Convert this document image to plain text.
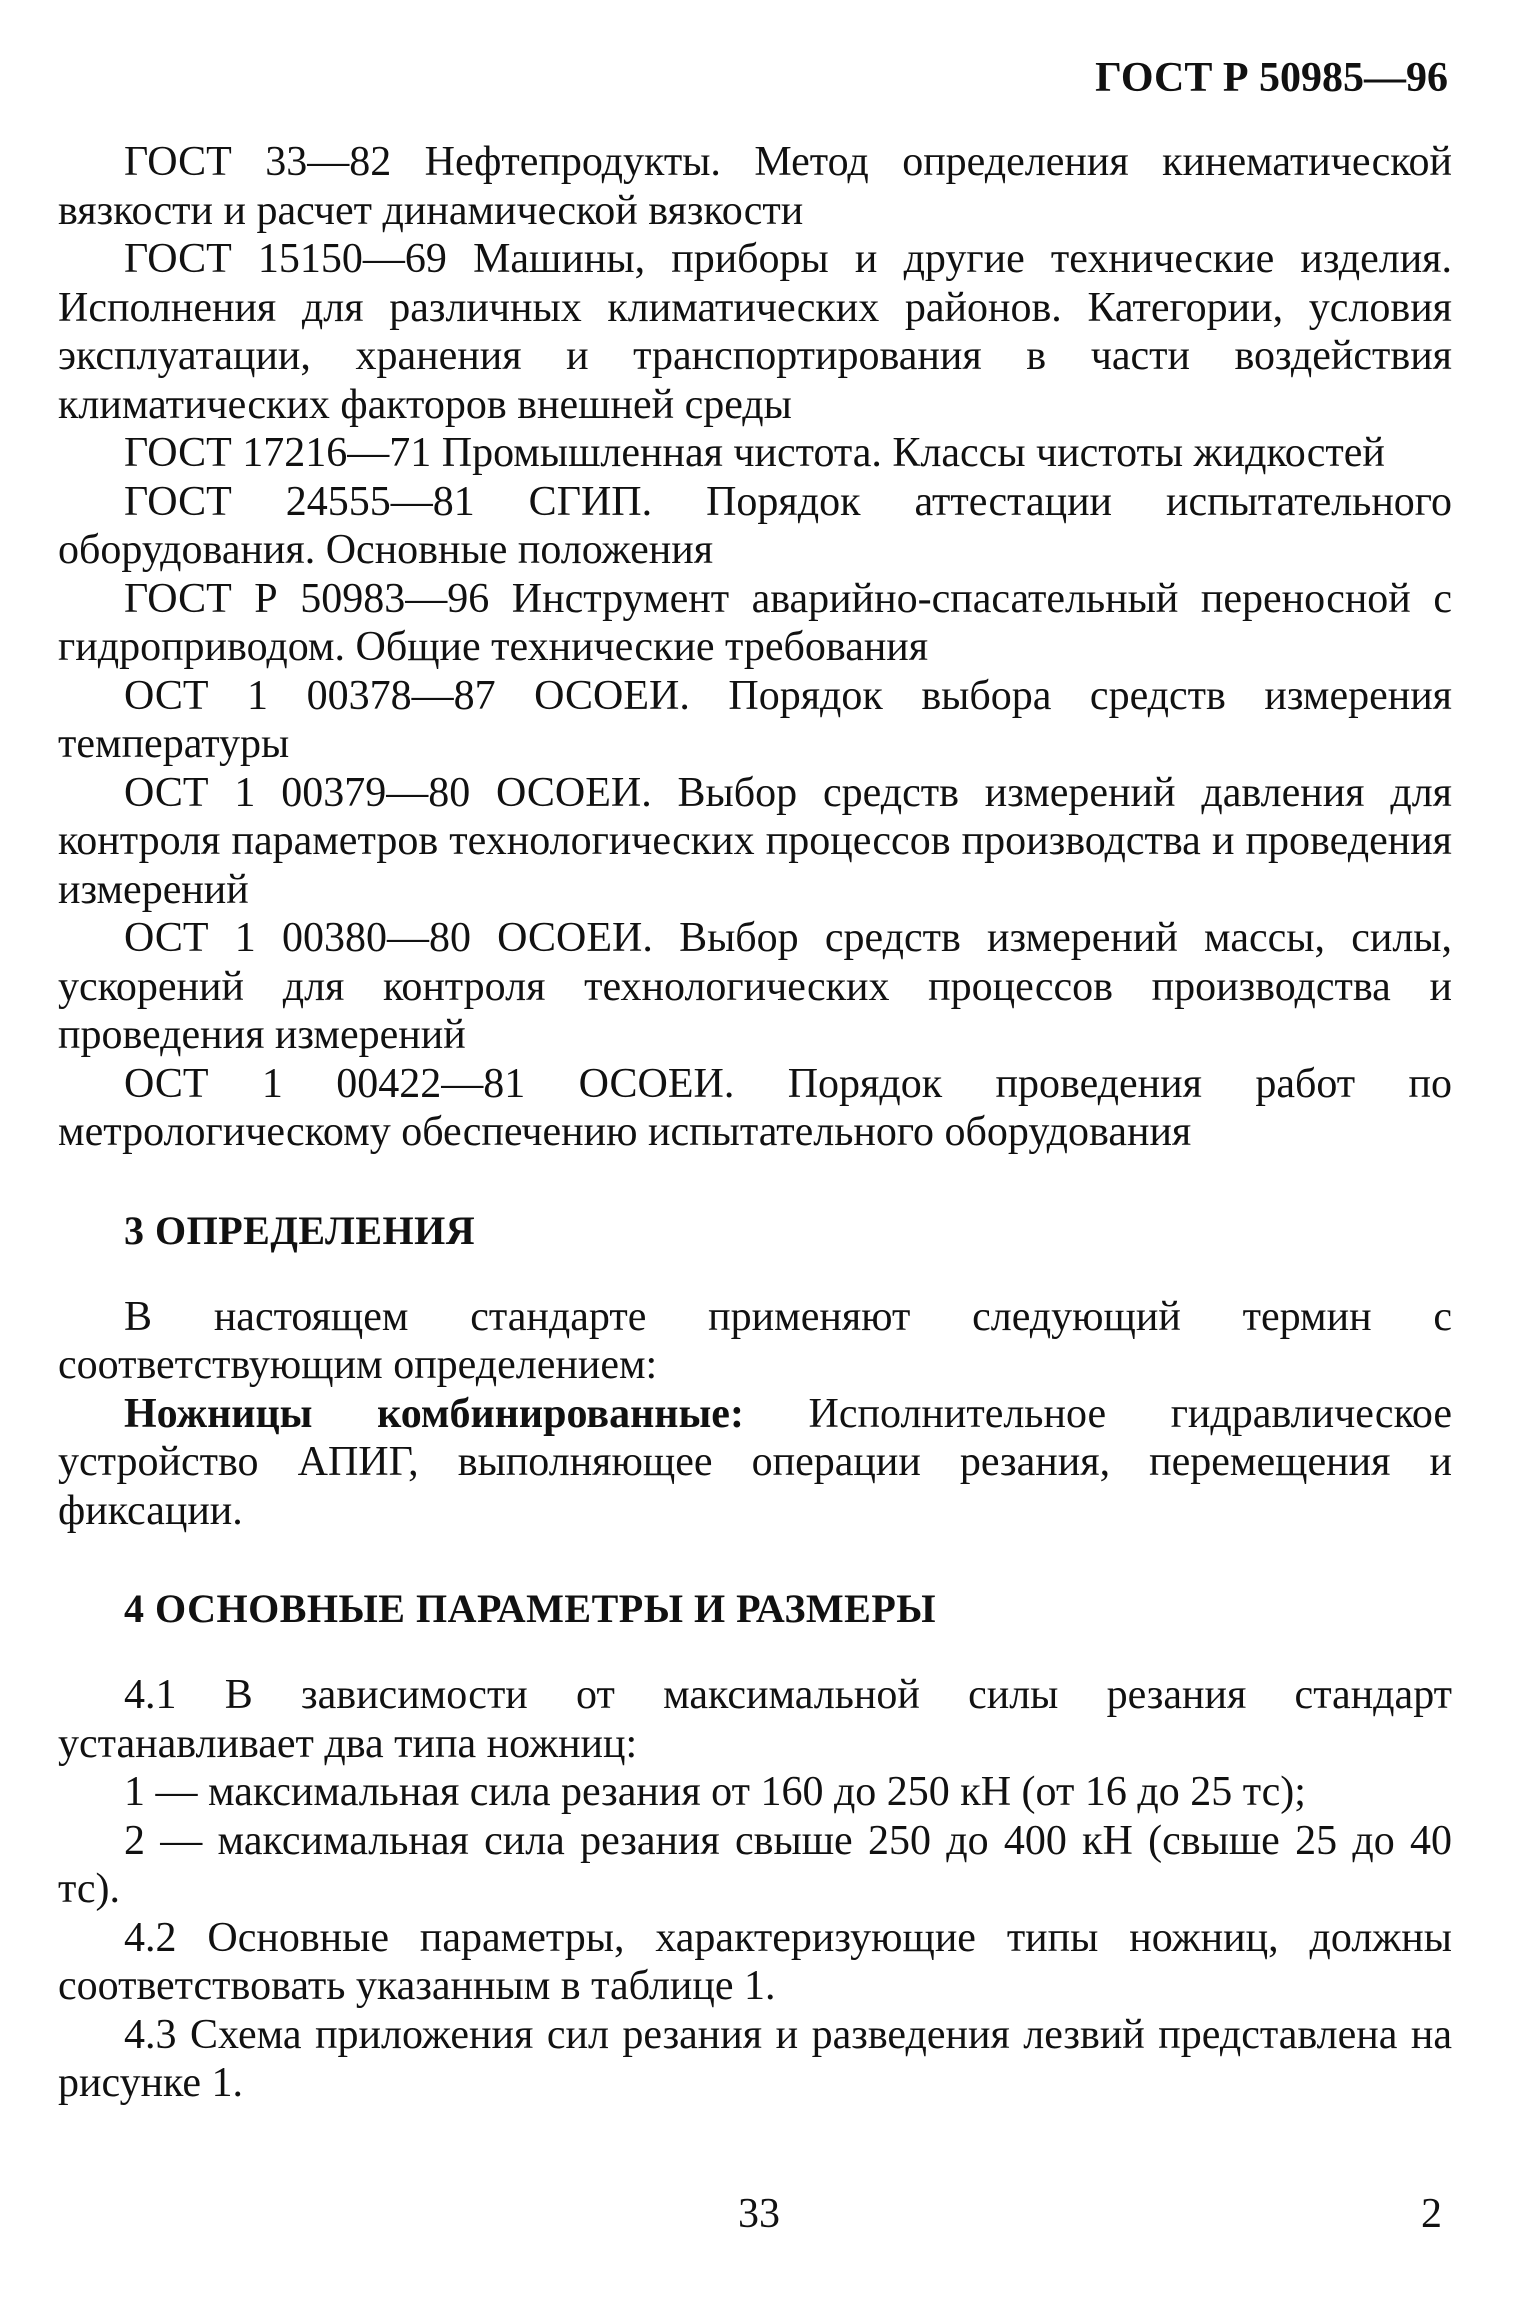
ГОСТ Р 50985—96

ГОСТ 33—82 Нефтепродукты. Метод определения кинематической вязкости и расчет динамической вязкости

ГОСТ 15150—69 Машины, приборы и другие технические изделия. Исполнения для различных климатических районов. Категории, условия эксплуатации, хранения и транспортирования в части воздействия климатических факторов внешней среды

ГОСТ 17216—71 Промышленная чистота. Классы чистоты жидкостей

ГОСТ 24555—81 СГИП. Порядок аттестации испытательного оборудования. Основные положения

ГОСТ Р 50983—96 Инструмент аварийно-спасательный переносной с гидроприводом. Общие технические требования

ОСТ 1 00378—87 ОСОЕИ. Порядок выбора средств измерения температуры

ОСТ 1 00379—80 ОСОЕИ. Выбор средств измерений давления для контроля параметров технологических процессов производства и проведения измерений

ОСТ 1 00380—80 ОСОЕИ. Выбор средств измерений массы, силы, ускорений для контроля технологических процессов производства и проведения измерений

ОСТ 1 00422—81 ОСОЕИ. Порядок проведения работ по метрологическому обеспечению испытательного оборудования

3 ОПРЕДЕЛЕНИЯ

В настоящем стандарте применяют следующий термин с соответствующим определением:

Ножницы комбинированные: Исполнительное гидравлическое устройство АПИГ, выполняющее операции резания, перемещения и фиксации.

4 ОСНОВНЫЕ ПАРАМЕТРЫ И РАЗМЕРЫ

4.1 В зависимости от максимальной силы резания стандарт устанавливает два типа ножниц:

1 — максимальная сила резания от 160 до 250 кН (от 16 до 25 тс);

2 — максимальная сила резания свыше 250 до 400 кН (свыше 25 до 40 тс).

4.2 Основные параметры, характеризующие типы ножниц, должны соответствовать указанным в таблице 1.

4.3 Схема приложения сил резания и разведения лезвий представлена на рисунке 1.

33	2
